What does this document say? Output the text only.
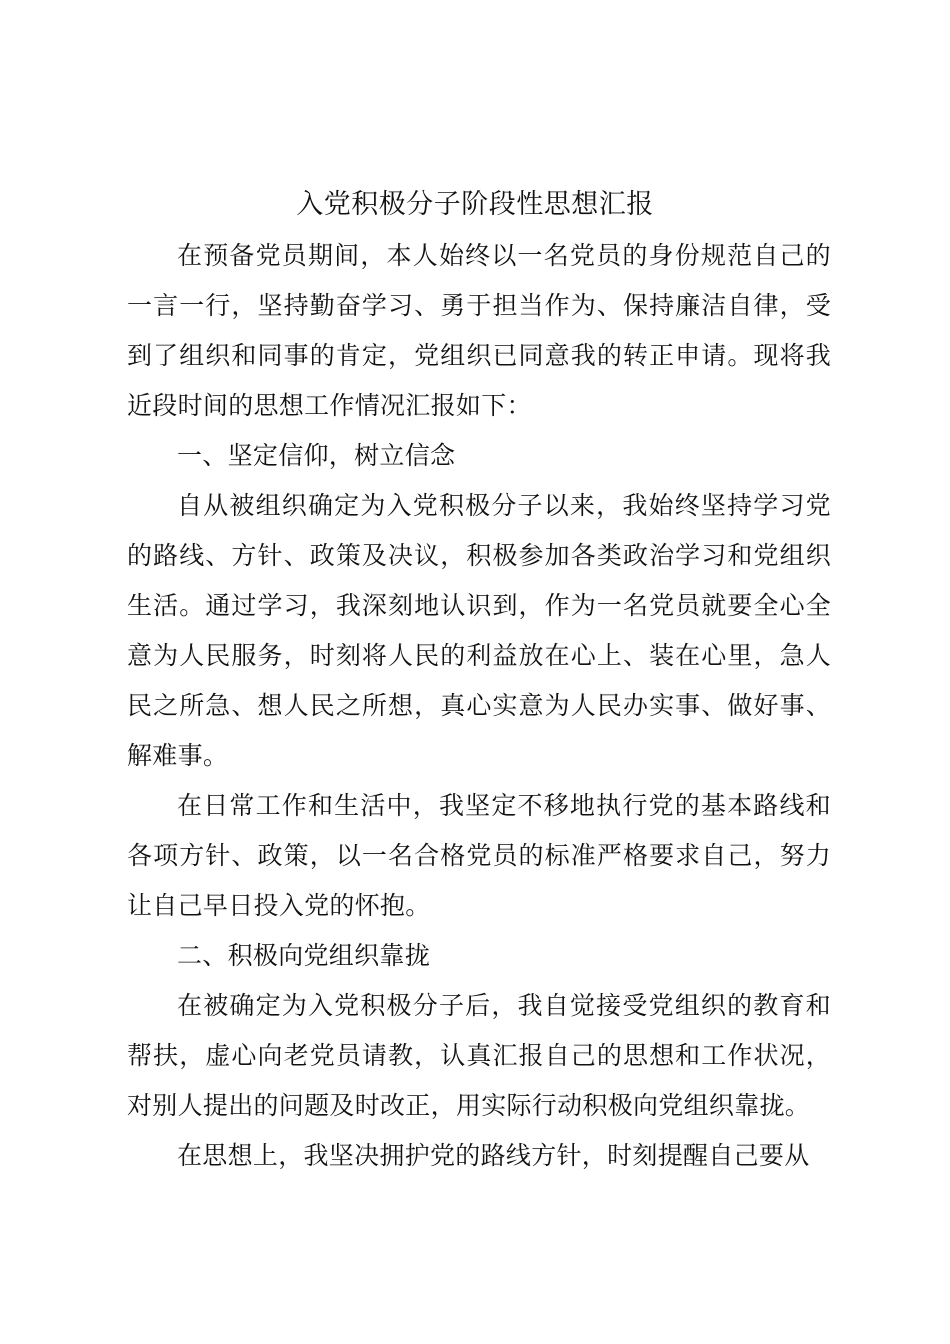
入党积极分子阶段性思想汇报

在预备党员期间，本人始终以一名党员的身份规范自己的一言一行，坚持勤奋学习、勇于担当作为、保持廉洁自律，受到了组织和同事的肯定，党组织已同意我的转正申请。现将我近段时间的思想工作情况汇报如下：

一、坚定信仰，树立信念

自从被组织确定为入党积极分子以来，我始终坚持学习党的路线、方针、政策及决议，积极参加各类政治学习和党组织生活。通过学习，我深刻地认识到，作为一名党员就要全心全意为人民服务，时刻将人民的利益放在心上、装在心里，急人民之所急、想人民之所想，真心实意为人民办实事、做好事、解难事。

在日常工作和生活中，我坚定不移地执行党的基本路线和各项方针、政策，以一名合格党员的标准严格要求自己，努力让自己早日投入党的怀抱。

二、积极向党组织靠拢

在被确定为入党积极分子后，我自觉接受党组织的教育和帮扶，虚心向老党员请教，认真汇报自己的思想和工作状况，对别人提出的问题及时改正，用实际行动积极向党组织靠拢。

在思想上，我坚决拥护党的路线方针，时刻提醒自己要从
